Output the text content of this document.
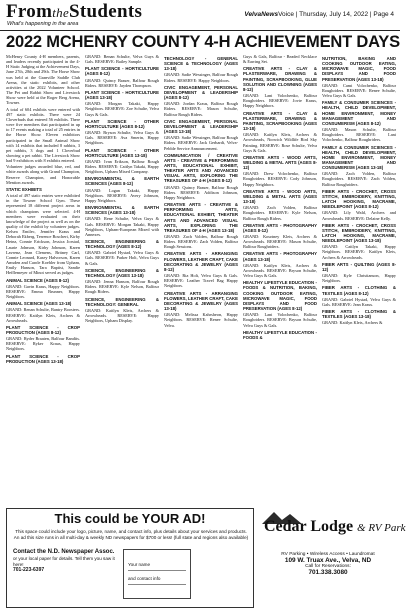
FromtheStudents
What's happening in the area
VelvaNewsVoice | Thursday, July 14, 2022 | Page 4
2022 MCHENRY COUNTY 4-H ACHIEVEMENT DAYS

McHenry County 4-H members, parents, and leaders recently participated in the 4-H Static Judging at the Achievement Days, June 27th, 28th and 29th. The Horse Show was held at the Granville Saddle Club Arena, the static exhibits, and other activities at the 2022 Volunteer School. The Pet and Rabbit Show and Livestock Show were held at the Roger Berg Arena, Towner.

A total of 604 exhibits were entered with 497 static exhibits. There were 24 Cloverbuds that entered 56 exhibits. There were five members that participated in up to 17 events making a total of 25 entries in the Horse Show. Eleven exhibitors participated in the Small Animal Show with 14 exhibits that included 8 rabbits, 3 pet rabbits, 3 dogs and 1 Cloverbud showing a pet rabbit. The Livestock Show had 9 exhibitors with 8 exhibits entered.

Volunteer judges awarded blue, red, and white awards along with Grand Champion, Reserve Champion, and Honorable Mention awards.

STATIC EXHIBITS

A total of 497 static entries were exhibited in the Towner School Gym. These represented 18 different project areas in which champions were selected. 4-H members were evaluated on their knowledge of the project as well as on the quality of the exhibit by volunteer judges. Kelsea Emilec, Jennifer Kraus and Deborah Ekberg, Terrence Boschert, Kirby Heinz, Connie Erickson, Jessica Jorstad, Laurie Johnson, Kirby Johnson, Karen Lavrenz, Jean Clemens, Britney Carl, Connie Leonard, Kasey Halvorson, Karen Amsden and Carole Koehler from Upham, Emily Hanson, Tara Baptist, Sandie Hefflemeyer of Minot served as judges.

ANIMAL SCIENCE (AGES 8-12)

GRAND: Gavin Kraus, Happy Neighbors. RESERVE: Emma Brunner, Happy Neighbors.

ANIMAL SCIENCE (AGES 13-18)

GRAND: Renan Schulte, Bantry Boosters. RESERVE: Kaitlyn Kleis, Archers & Arrowheads.

PLANT SCIENCE - CROP PRODUCTION (AGES 8-12)

GRAND: Ryder Braaten, Balfour Bandits. RESERVE: Ryker Kraus, Happy Neighbors.

PLANT SCIENCE - CROP PRODUCTION (AGES 13-18)

GRAND: Renan Schulte, Velva Guys & Gals. RESERVE: Bailey Sample.

PLANT SCIENCE - HORTICULTURE (AGES 8-12)

GRAND: Quincy Brauer, Balfour Rough Riders. RESERVE: Jayden Thompson.

PLANT SCIENCE - HORTICULTURE (AGES 13-18)

GRAND: Morgan Takaki, Happy Neighbors. RESERVE: Zoe Schulte, Velva Guys & Gals.

PLANT SCIENCE - OTHER HORTICULTURE (AGES 8-12)

GRAND: Bryson Schulte, Velva Guys & Gals. RESERVE: Ava Smerin, Happy Neighbors.

PLANT SCIENCE - OTHER HORTICULTURE (AGES 13-18)

GRAND: Ivan Erikson, Balfour Rough Riders. RESERVE: Caitlyn Takaki, Happy Neighbors, Upham Mixed Company.

ENVIRONMENTAL & EARTH SCIENCES (AGES 8-12)

GRAND: Logan Takaki, Happy Neighbors. RESERVE: Avery Johnson, Happy Neighbors.

ENVIRONMENTAL & EARTH SCIENCES (AGES 13-18)

GRAND: Rene Schulte, Velva Guys & Gals. RESERVE: Morgan Takaki, Happy Neighbors, Upham-European Mixed with Annexes.

SCIENCE, ENGINEERING & TECHNOLOGY (AGES 8-12)

GRAND: Gabriel Hystad, Velva Guys & Gals. RESERVE: Parker Holt, Velva Guys & Gals.

SCIENCE, ENGINEERING & TECHNOLOGY (AGES 13-18)

GRAND: Jenna Hanson, Balfour Rough Riders. RESERVE: Kyle Nelson, Balfour Rough Riders.

SCIENCE, ENGINEERING & TECHNOLOGY: GENERAL

GRAND: Kaitlyn Kleis, Archers & Arrowheads. RESERVE: Happy Neighbors, Upham Display.

TECHNOLOGY - GENERAL SCIENCE & TECHNOLOGY (AGES 13-18)

GRAND: Sadie Wessinger, Balfour Rough Riders. RESERVE: Happy Neighbors.

CIVIC ENGAGEMENT, PERSONAL DEVELOPMENT & LEADERSHIP (AGES 8-12)

GRAND: Jordan Kraus, Balfour Rough Riders. RESERVE: Mason Schulte, Balfour Rough Riders.

CIVIC ENGAGEMENT, PERSONAL DEVELOPMENT & LEADERSHIP (AGES 13-18)

GRAND: Sadie Wessinger, Balfour Rough Riders. RESERVE: Jack Gerhardt, Velva-Pebble Service Announcement.

COMMUNICATION / CREATIVE ARTS - CREATIVE & PERFORMING ARTS, EDUCATIONAL EXHIBIT, THEATER ARTS AND ADVANCED VISUAL ARTS, EXPLORING THE TREASURES OF 4-H (AGES 8-12)

GRAND: Quincy Brauer, Balfour Rough Riders. RESERVE: Addison Johnson, Happy Neighbors.

CREATIVE ARTS - CREATIVE & PERFORMING ARTS, EDUCATIONAL EXHIBIT, THEATER ARTS AND ADVANCED VISUAL ARTS, EXPLORING THE TREASURES OF 4-H (AGES 13-18)

GRAND: Zach Volden, Balfour Rough Riders. RESERVE: Zach Volden, Balfour Rough Sessions.

CREATIVE ARTS - ARRANGING FLOWERS, LEATHER CRAFT, CAKE DECORATING & JEWELRY (AGES 8-12)

GRAND: Ria Holt, Velva Guys & Gals. RESERVE: Leather Travel Bag Happy Neighbors.

CREATIVE ARTS - ARRANGING FLOWERS, LEATHER CRAFT, CAKE DECORATING & JEWELRY (AGES 13-18)

GRAND: Melissa Kahrsheon, Happy Neighbors. RESERVE: Renee Schulte, Velva.

Guys & Gals, Balfour - Beaded Necklace & Earring Set.

CREATIVE ARTS - CLAY & PLASTERWARE, DRAWING & PAINTING, SCRAPBOOKING, GLUE SOLUTION AND CLOWNING (AGES 8-12)

GRAND: Lani Volochenko, Balfour Roughriders. RESERVE: Jovie Kraus, Happy Neighbors.

CREATIVE ARTS - CLAY & PLASTERWARE, DRAWING & PAINTING, SCRAPBOOKING (AGES 13-18)

GRAND: Kaitlyn Kleis, Archers & Arrowheads, Norwich Wildlife Bird Sky Painting. RESERVE: Rose Schulte, Velva Guys & Gals.

CREATIVE ARTS - WOOD ARTS, WELDING & METAL ARTS (AGES 8-12)

GRAND: Drew Volochenko, Balfour Roughriders. RESERVE: Cody Johnson, Happy Neighbors.

CREATIVE ARTS - WOOD ARTS, WELDING & METAL ARTS (AGES 13-18)

GRAND: Zach Volden, Balfour Roughriders. RESERVE: Kyle Nelson, Balfour Rough Riders.

CREATIVE ARTS - PHOTOGRAPHY (AGES 8-12)

GRAND: Kourtney Kleis, Archers & Arrowheads. RESERVE: Mason Schulte, Balfour Roughriders.

CREATIVE ARTS - PHOTOGRAPHY (AGES 13-18)

GRAND: Kaitlyn Kleis, Archers & Arrowheads. RESERVE: Bryson Schulte, Velva Guys & Gals.

HEALTHY LIFESTYLE EDUCATION - FOODS & NUTRITION, BAKING, COOKING OUTDOOR EATING, MICROWAVE MAGIC, FOOD DISPLAYS AND FOOD PRESERVATION (AGES 8-12)

GRAND: Lani Volochenko, Balfour Roughriders. RESERVE: Bryson Schulte, Velva Guys & Gals.

HEALTHY LIFESTYLE EDUCATION - FOODS &

NUTRITION, BAKING AND COOKING OUTDOOR EATING, MICROWAVE MAGIC, FOOD DISPLAYS AND FOOD PRESERVATION (AGES 13-18)

GRAND: Cami Volochenko, Balfour Roughriders. RESERVE: Renee Schulte, Velva Guys & Gals.

FAMILY & CONSUMER SCIENCES - HEALTH, CHILD DEVELOPMENT, HOME ENVIRONMENT, MONEY MANAGEMENT AND CONSUMERISM (AGES 8-12)

GRAND: Mason Schulte, Balfour Roughriders. RESERVE: Lani Volochenko, Balfour Roughriders.

FAMILY & CONSUMER SCIENCES - HEALTH, CHILD DEVELOPMENT, HOME ENVIRONMENT, MONEY MANAGEMENT AND CONSUMERISM (AGES 13-18)

GRAND: Zach Volden, Balfour Roughriders. RESERVE: Zach Volden, Balfour Roughriders.

FIBER ARTS - CROCHET, CROSS STITCH, EMBROIDERY, KNITTING, LATCH HOOKING, MACRAME, NEEDLEPOINT (AGES 8-12)

GRAND: Lily Wald, Archers and Arrowheads. RESERVE: Delaine Kelly.

FIBER ARTS - CROCHET, CROSS STITCH, EMBROIDERY, KNITTING, LATCH HOOKING, MACRAME, NEEDLEPOINT (AGES 13-18)

GRAND: Caitlyn Takaki, Happy Neighbors. RESERVE: Kaitlyn Kleis, Archers & Arrowheads.

FIBER ARTS - QUILTING (AGES 8-12)

GRAND: Kyle Christianson, Happy Neighbors.

FIBER ARTS - CLOTHING & TEXTILES (AGES 8-12)

GRAND: Gabriel Hystad, Velva Guys & Gals. RESERVE: Jean Kraus.

FIBER ARTS - CLOTHING & TEXTILES (AGES 13-18)

GRAND: Kaitlyn Kleis, Archers &

This could be YOUR AD!
This space could include your logo, picture, name, and contact info, plus details about your services and products. An ad this size runs in all multi-day & weekly ND newspapers for $700 or less! (full state and regions also available)
Contact the N.D. Newspaper Assoc.
or your local paper for details. Tell them you saw it here!
701-223-6397
Your name
and contact info
Cedar Lodge & RV Park
RV Parking • Wireless Access • Laundromat
109 W. Truax Ave., Velva, ND
Call for Reservations:
701.338.3080
